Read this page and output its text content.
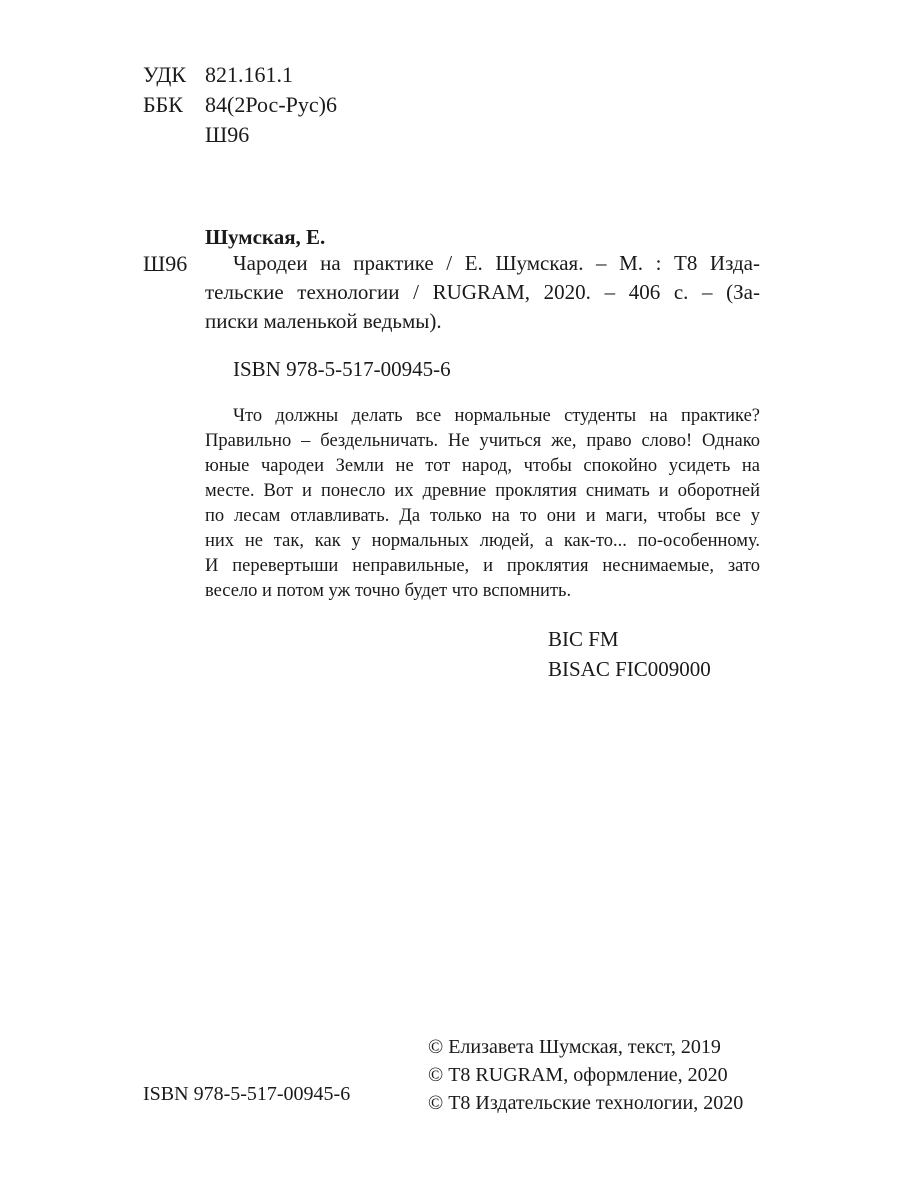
УДК 821.161.1
ББК	84(2Рос-Рус)6
Ш96
Шумская, Е.
Ш96	Чародеи на практике / Е. Шумская. – М. : Т8 Изда-
тельские технологии / RUGRAM, 2020. – 406 с. – (За-
писки маленькой ведьмы).
ISBN 978-5-517-00945-6
Что должны делать все нормальные студенты на практике?
Правильно – бездельничать. Не учиться же, право слово! Однако
юные чародеи Земли не тот народ, чтобы спокойно усидеть на
месте. Вот и понесло их древние проклятия снимать и оборотней
по лесам отлавливать. Да только на то они и маги, чтобы все у
них не так, как у нормальных людей, а как-то... по-особенному.
И перевертыши неправильные, и проклятия неснимаемые, зато
весело и потом уж точно будет что вспомнить.
BIC FM
BISAC FIC009000
ISBN 978-5-517-00945-6
© Елизавета Шумская, текст, 2019
© Т8 RUGRAM, оформление, 2020
© Т8 Издательские технологии, 2020
